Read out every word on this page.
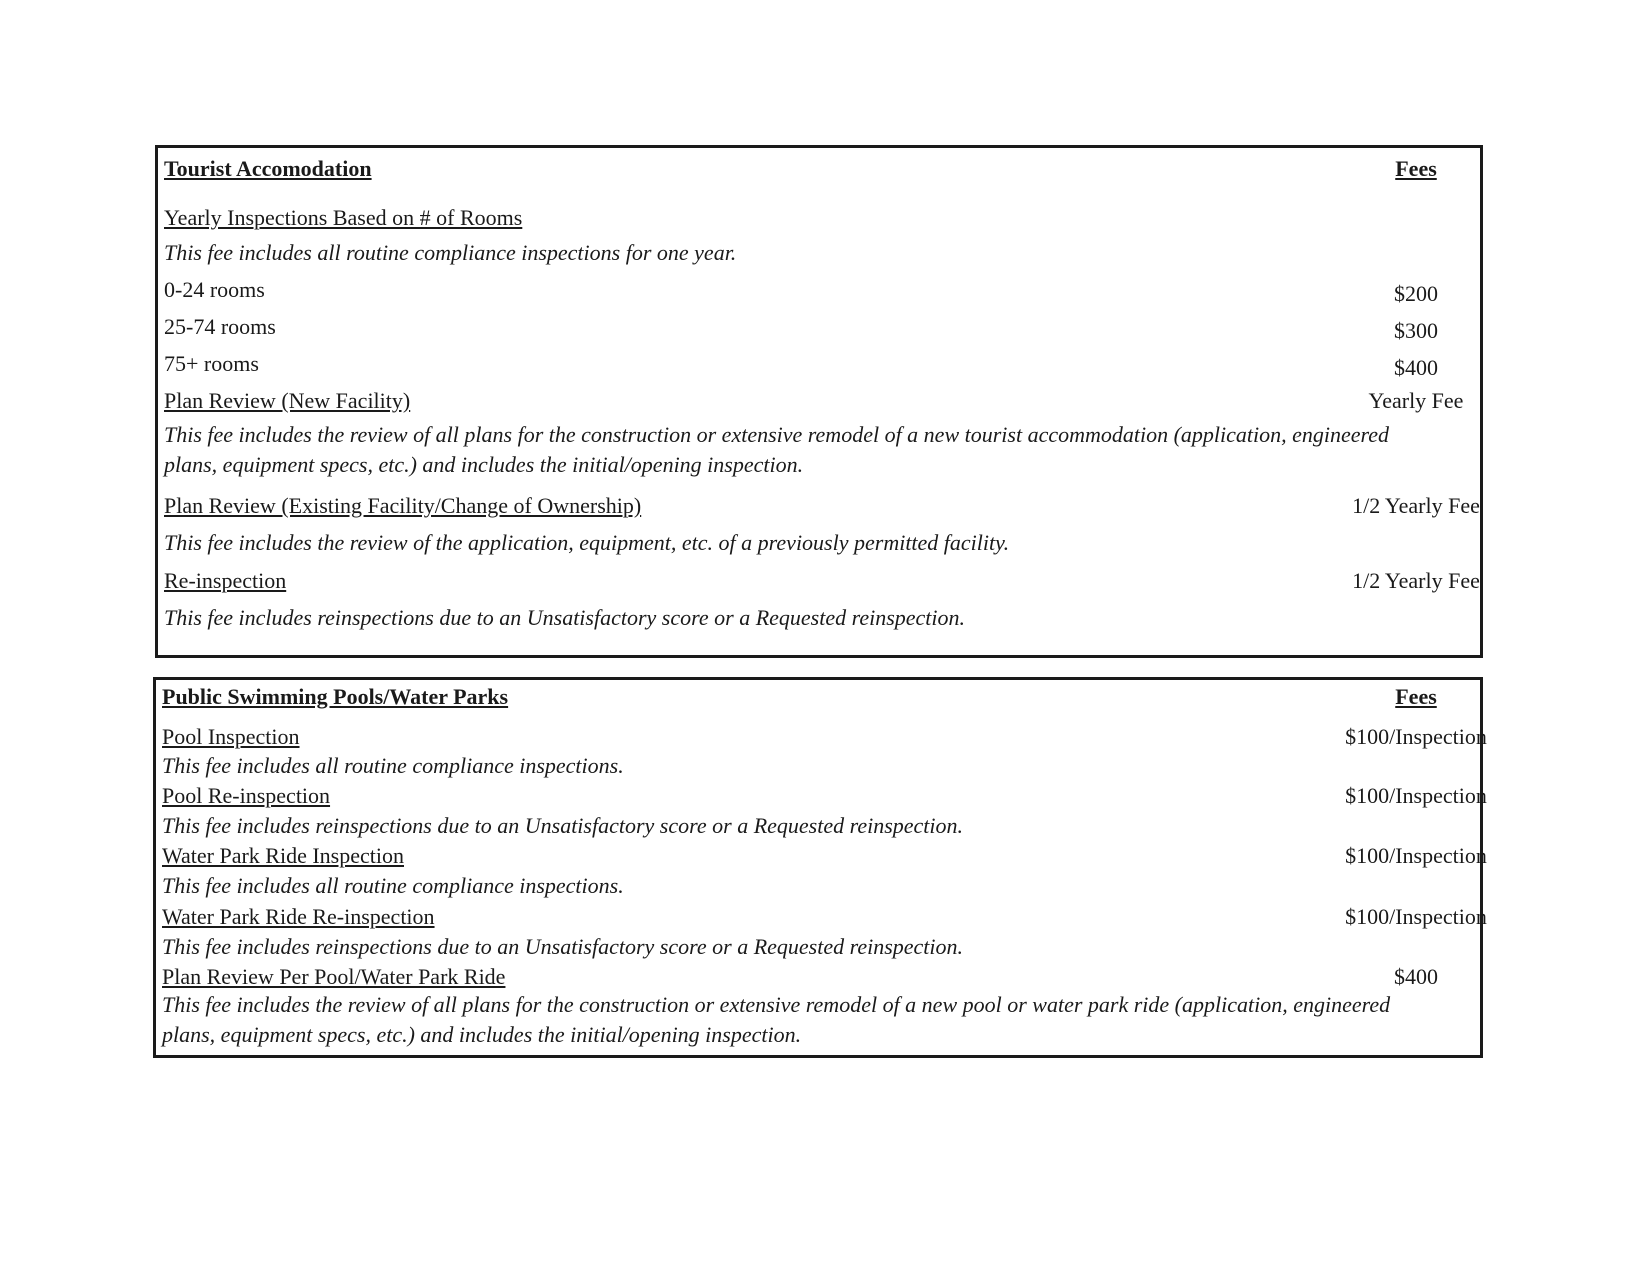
Tourist Accomodation	Fees
Yearly Inspections Based on # of Rooms
This fee includes all routine compliance inspections for one year.
0-24 rooms	$200
25-74 rooms	$300
75+ rooms	$400
Plan Review (New Facility)	Yearly Fee
This fee includes the review of all plans for the construction or extensive remodel of a new tourist accommodation (application, engineered plans, equipment specs, etc.) and includes the initial/opening inspection.
Plan Review (Existing Facility/Change of Ownership)	1/2 Yearly Fee
This fee includes the review of the application, equipment, etc. of a previously permitted facility.
Re-inspection	1/2 Yearly Fee
This fee includes reinspections due to an Unsatisfactory score or a Requested reinspection.
Public Swimming Pools/Water Parks	Fees
Pool Inspection	$100/Inspection
This fee includes all routine compliance inspections.
Pool Re-inspection	$100/Inspection
This fee includes reinspections due to an Unsatisfactory score or a Requested reinspection.
Water Park Ride Inspection	$100/Inspection
This fee includes all routine compliance inspections.
Water Park Ride Re-inspection	$100/Inspection
This fee includes reinspections due to an Unsatisfactory score or a Requested reinspection.
Plan Review Per Pool/Water Park Ride	$400
This fee includes the review of all plans for the construction or extensive remodel of a new pool or water park ride (application, engineered plans, equipment specs, etc.) and includes the initial/opening inspection.
